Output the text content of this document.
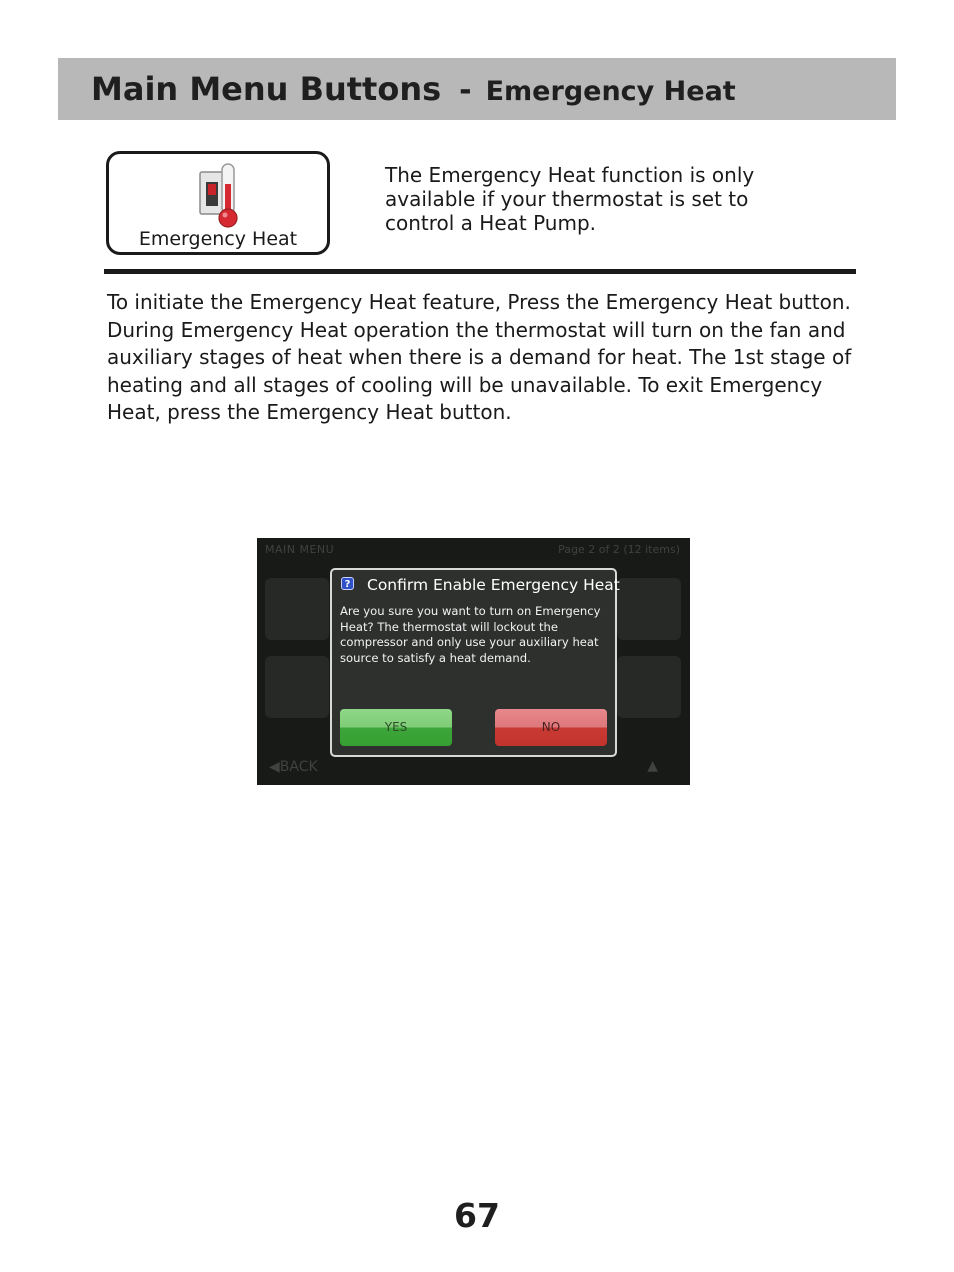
Main Menu Buttons - Emergency Heat
Emergency Heat
The Emergency Heat function is only available if your thermostat is set to control a Heat Pump.
To initiate the Emergency Heat feature, Press the Emergency Heat button. During Emergency Heat operation the thermostat will turn on the fan and auxiliary stages of heat when there is a demand for heat. The 1st stage of heating and all stages of cooling will be unavailable. To exit Emergency Heat, press the Emergency Heat button.
MAIN MENU	Page 2 of 2 (12 items)
◀BACK	▲
? Confirm Enable Emergency Heat
Are you sure you want to turn on Emergency Heat? The thermostat will lockout the compressor and only use your auxiliary heat source to satisfy a heat demand.
YES	NO
67
